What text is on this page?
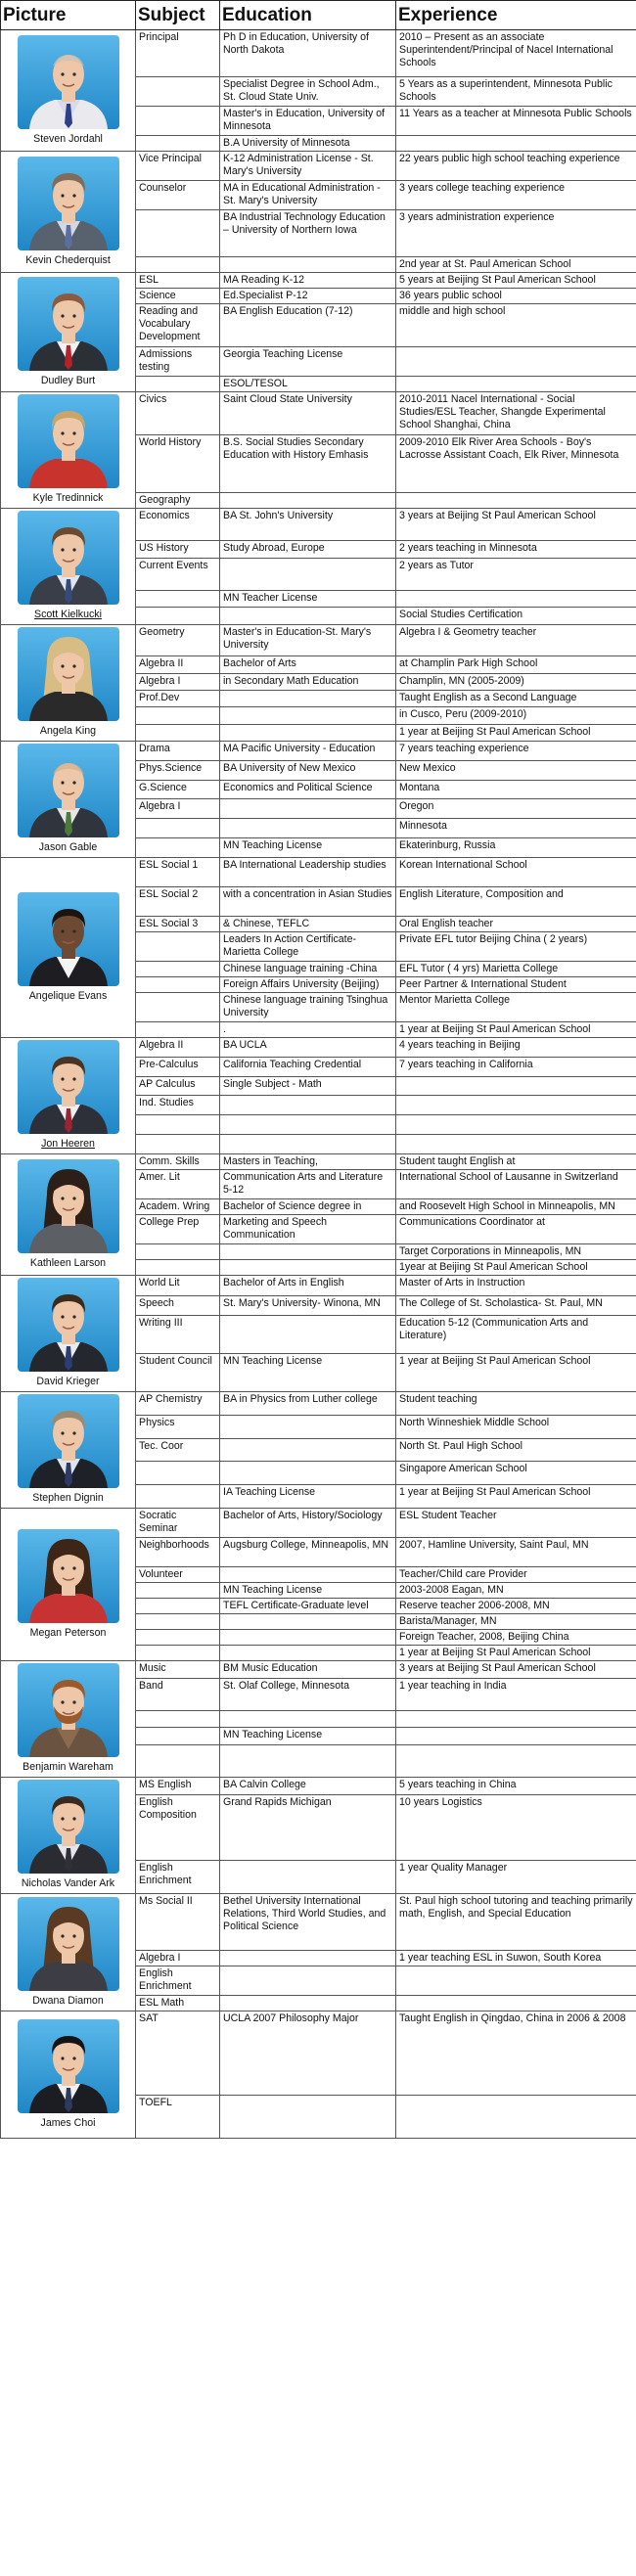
Picture	Subject	Education	Experience

Steven Jordahl	Principal	Ph D in Education, University of North Dakota	2010 – Present as an associate Superintendent/Principal of Nacel International Schools
		Specialist Degree in School Adm., St. Cloud State Univ.	5 Years as a superintendent, Minnesota Public Schools
		Master's in Education, University of Minnesota	11 Years as a teacher at Minnesota Public Schools
		B.A University of Minnesota	

Kevin Chederquist	Vice Principal	K-12 Administration License - St. Mary's University	22 years public high school teaching experience
	Counselor	MA in Educational Administration - St. Mary's University	3 years college teaching experience
		BA Industrial Technology Education – University of Northern Iowa	3 years administration experience
			2nd year at St. Paul American School

Dudley Burt	ESL	MA Reading K-12	5 years at Beijing St Paul American School
	Science	Ed.Specialist P-12	36 years public school
	Reading and Vocabulary Development	BA English Education (7-12)	middle and high school
	Admissions testing	Georgia Teaching License	
		ESOL/TESOL	

Kyle Tredinnick	Civics	Saint Cloud State University	2010-2011 Nacel International - Social Studies/ESL Teacher, Shangde Experimental School Shanghai, China
	World History	B.S. Social Studies Secondary Education with History Emhasis	2009-2010 Elk River Area Schools - Boy's Lacrosse Assistant Coach, Elk River, Minnesota
	Geography		

Scott Kielkucki	Economics	BA St. John's University	3 years at Beijing St Paul American School
	US History	Study Abroad, Europe	2 years teaching in Minnesota
	Current Events		2 years as Tutor
		MN Teacher License	
			Social Studies Certification

Angela King	Geometry	Master's in Education-St. Mary's University	Algebra I & Geometry teacher
	Algebra II	Bachelor of Arts	at Champlin Park High School
	Algebra I	in Secondary Math Education	Champlin, MN (2005-2009)
	Prof.Dev		Taught English as a Second Language
			in Cusco, Peru (2009-2010)
			1 year at Beijing St Paul American School

Jason Gable	Drama	MA Pacific University - Education	7 years teaching experience
	Phys.Science	BA University of New Mexico	New Mexico
	G.Science	Economics and Political Science	Montana
	Algebra I		Oregon
			Minnesota
		MN Teaching License	Ekaterinburg, Russia

Angelique Evans	ESL Social 1	BA International Leadership studies	Korean International School
	ESL Social 2	with a concentration in Asian Studies	English Literature, Composition and
	ESL Social 3	& Chinese, TEFLC	Oral English teacher
		Leaders In Action Certificate-Marietta College	Private EFL tutor Beijing China ( 2 years)
		Chinese language training -China	EFL Tutor ( 4 yrs) Marietta College
		Foreign Affairs University (Beijing)	Peer Partner & International Student
		Chinese language training Tsinghua University	Mentor Marietta College
		.	1 year at Beijing St Paul American School

Jon Heeren	Algebra II	BA UCLA	4 years teaching in Beijing
	Pre-Calculus	California Teaching Credential	7 years teaching in California
	AP Calculus	Single Subject - Math	
	Ind. Studies		

Kathleen Larson	Comm. Skills	Masters in Teaching,	Student taught English at
	Amer. Lit	Communication Arts and Literature 5-12	International School of Lausanne in Switzerland
	Academ. Wring	Bachelor of Science degree in	and Roosevelt High School in Minneapolis, MN
	College Prep	Marketing and Speech Communication	Communications Coordinator at
			Target Corporations in Minneapolis, MN
			1year at Beijing St Paul American School

David Krieger	World Lit	Bachelor of Arts in English	Master of Arts in Instruction
	Speech	St. Mary's University- Winona, MN	The College of St. Scholastica- St. Paul, MN
	Writing III		Education 5-12 (Communication Arts and Literature)
	Student Council	MN Teaching License	1 year at Beijing St Paul American School

Stephen Dignin	AP Chemistry	BA in Physics from Luther college	Student teaching
	Physics		North Winneshiek Middle School
	Tec. Coor		North St. Paul High School
			Singapore American School
		IA Teaching License	1 year at Beijing St Paul American School

Megan Peterson	Socratic Seminar	Bachelor of Arts, History/Sociology	ESL Student Teacher
	Neighborhoods	Augsburg College, Minneapolis, MN	2007, Hamline University, Saint Paul, MN
	Volunteer		Teacher/Child care Provider
		MN Teaching License	2003-2008 Eagan, MN
		TEFL Certificate-Graduate level	Reserve teacher 2006-2008, MN
			Barista/Manager, MN
			Foreign Teacher, 2008, Beijing China
			1 year at Beijing St Paul American School

Benjamin Wareham	Music	BM Music Education	3 years at Beijing St Paul American School
	Band	St. Olaf College, Minnesota	1 year teaching in India

		MN Teaching License	

Nicholas Vander Ark	MS English	BA Calvin College	5 years teaching in China
	English Composition	Grand Rapids Michigan	10 years Logistics
	English Enrichment		1 year Quality Manager

Dwana Diamon	Ms Social II	Bethel University International Relations, Third World Studies, and Political Science	St. Paul high school tutoring and teaching primarily math, English, and Special Education
	Algebra I		1 year teaching ESL in Suwon, South Korea
	English Enrichment		
	ESL Math		

James Choi	SAT	UCLA 2007 Philosophy Major	Taught English in Qingdao, China in 2006 & 2008
	TOEFL		
